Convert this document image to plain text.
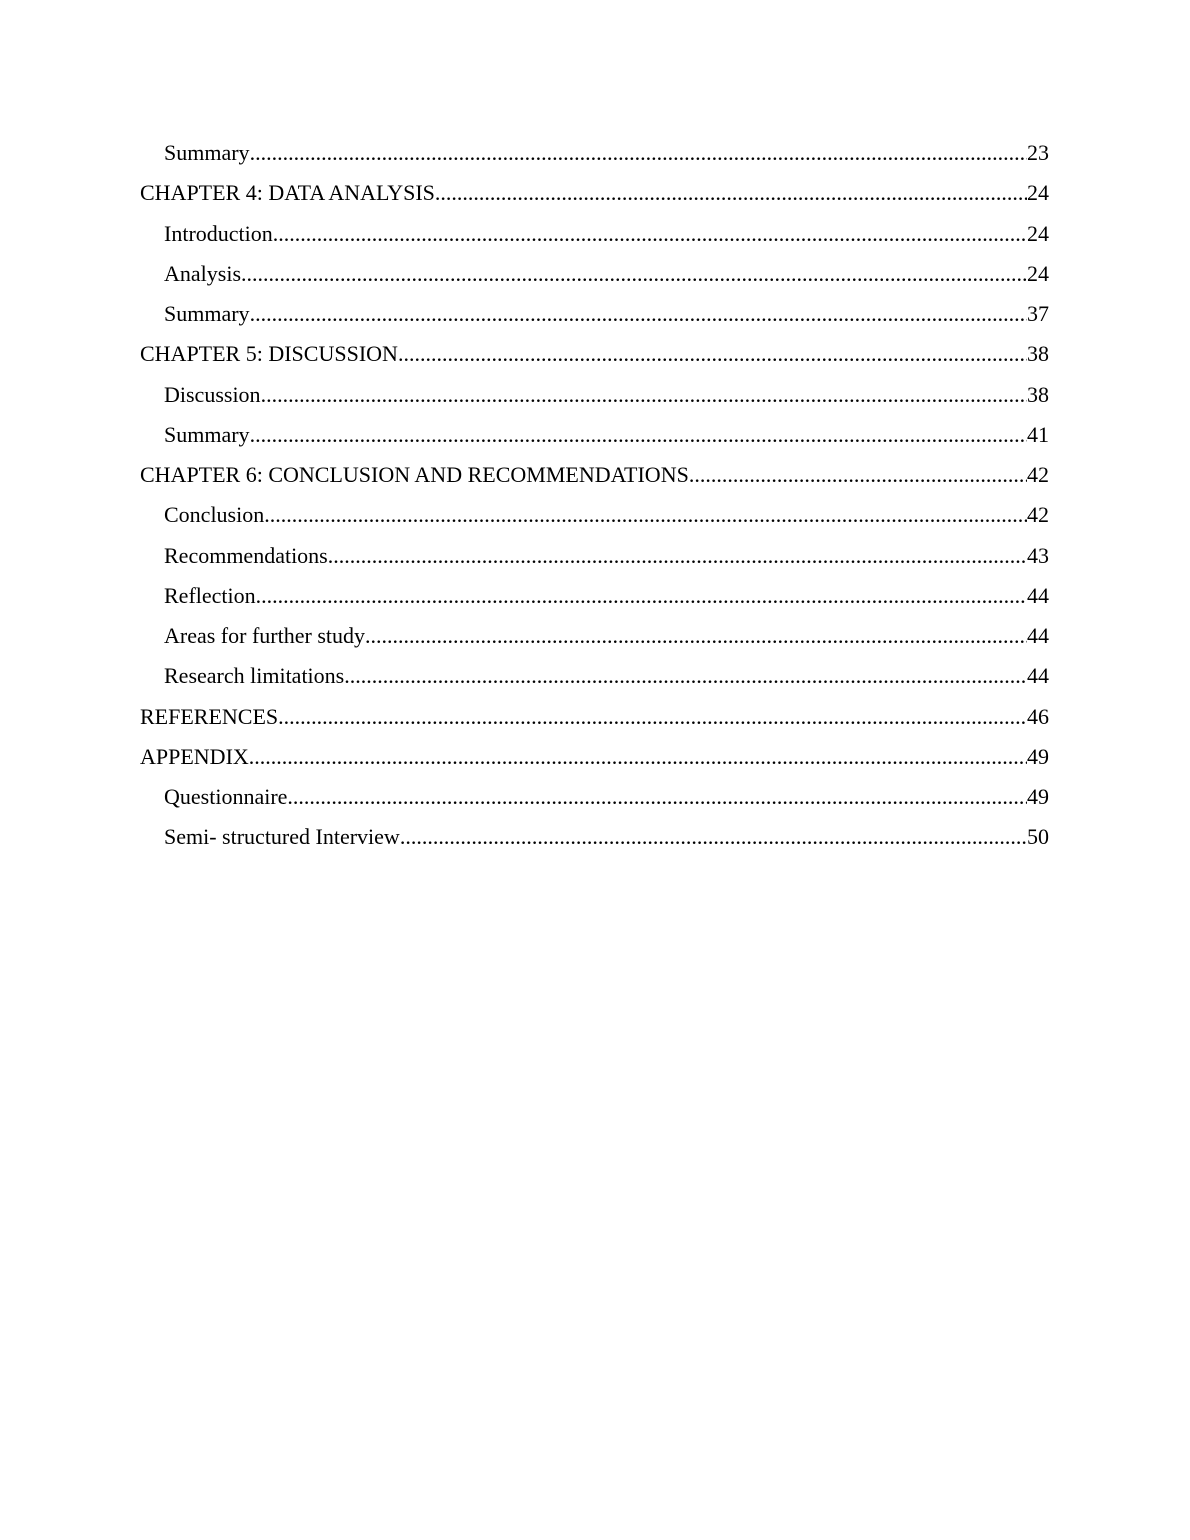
Summary .....	23
CHAPTER 4: DATA ANALYSIS .....	24
Introduction .....	24
Analysis .....	24
Summary .....	37
CHAPTER 5: DISCUSSION .....	38
Discussion .....	38
Summary .....	41
CHAPTER 6: CONCLUSION AND RECOMMENDATIONS .....	42
Conclusion .....	42
Recommendations .....	43
Reflection .....	44
Areas for further study .....	44
Research limitations .....	44
REFERENCES .....	46
APPENDIX .....	49
Questionnaire .....	49
Semi- structured Interview .....	50
